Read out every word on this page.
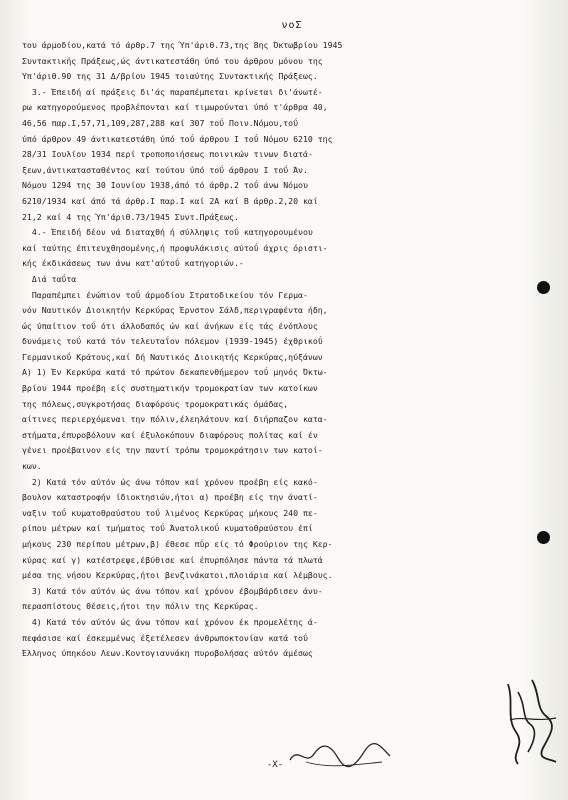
νοΣ
του άρμοδίου,κατά τό άρθρ.7 της Ύπ'άριθ.73,της 8ης Όκτωβρίου 1945
Συντακτικής Πράξεως,ώς άντικατεστάθη ύπό του άρθρου μόνου της
Ύπ'άριθ.90 της 31 Δ/βρίου 1945 τοιαύτης Συντακτικής Πράξεως.
3.- Έπειδή αί πράξεις δι'άς παραπέμπεται κρίνεται δι'άνωτέ-
ρω κατηγορούμενος προβλέπονται καί τιμωρούνται ύπό τ'άρθρα 40,
46,56 παρ.I,57,71,109,287,288 καί 307 τοΰ Ποιν.Νόμου,τοΰ
ύπό άρθρον 49 άντικατεστάθη ύπό τοΰ άρθρου I τοΰ Νόμου 6210 της
28/31 Ιουλίου 1934 περί τροποποιήσεως ποινικών τινων διατά-
ξεων,άντικατασταθέντος καί τούτου ύπό τοΰ άρθρου I τοΰ Άν.
Νόμου 1294 της 30 Ιουνίου 1938,άπό τό άρθρ.2 τοΰ άνω Νόμου
6210/1934 καί άπό τά άρθρ.I παρ.I καί 2Α καί Β άρθρ.2,20 καί
21,2 καί 4 της Ύπ'άριθ.73/1945 Συντ.Πράξεως.
4.- Έπειδή δέον νά διαταχθή ή σύλληψις τοΰ κατηγορουμένου
καί ταύτης έπιτευχθησομένης,ή προφυλάκισις αύτοΰ άχρις όριστι-
κής έκδικάσεως των άνω κατ'αύτοΰ κατηγοριών.-
Διά ταΰτα
Παραπέμπει ένώπιον τοΰ άρμοδίου Στρατοδικείου τόν Γερμα-
νόν Ναυτικόν Διοικητήν Κερκύρας Έρνστον Σάλδ,περιγραφέντα ήδη,
ώς ύπαίτιον τοΰ ότι άλλοδαπός ών καί άνήκων είς τάς ένόπλους
δυνάμεις τοΰ κατά τόν τελευταΐον πόλεμον (1939-1945) έχθρικοΰ
Γερμανικοΰ Κράτους,καί δή Ναυτικός Διοικητής Κερκύρας,ηύξάνων
Α) 1) Έν Κερκύρα κατά τό πρώτον δεκαπενθήμερον τοΰ μηνός Όκτω-
βρίου 1944 προέβη είς συστηματικήν τρομοκρατίαν των κατοίκων
της πόλεως,συγκροτήσας διαφόρους τρομοκρατικάς όμάδας,
αίτινες περιερχόμεναι την πόλιν,έλεηλάτουν καί διήρπαζον κατα-
στήματα,έπυροβόλουν καί έξυλοκόπουν διαφόρους πολίτας καί έν
γένει προέβαινον είς την παντί τρόπω τρομοκράτησιν των κατοί-
κων.
2) Κατά τόν αύτόν ώς άνω τόπον καί χρόνον προέβη είς κακό-
βουλον καταστροφήν ίδιοκτησιών,ήτοι α) προέβη είς την άνατί-
ναξιν τοΰ κυματοθραύστου τοΰ λιμένος Κερκύρας μήκους 240 πε-
ρίπου μέτρων καί τμήματος τοΰ Άνατολικοΰ κυματοθραύστου έπί
μήκους 230 περίπου μέτρων,β) έθεσε πΰρ είς τό Φρούριον της Κερ-
κύρας καί γ) κατέστρεψε,έβύθισε καί έπυρπόλησε πάντα τά πλωτά
μέσα της νήσου Κερκύρας,ήτοι βενζινάκατοι,πλοιάρια καί λέμβους.
3) Κατά τόν αύτόν ώς άνω τόπον καί χρόνον έβομβάρδισεν άνυ-
περασπίστους θέσεις,ήτοι την πόλιν της Κερκύρας.
4) Κατά τόν αύτόν ώς άνω τόπον καί χρόνον έκ προμελέτης ά-
πεφάσισε καί έσκεμμένως έξετέλεσεν άνθρωποκτονίαν κατά τοΰ
Έλληνος ύπηκόου Λεων.Κοντογιαννάκη πυροβολήσας αύτόν άμέσως
-X-
